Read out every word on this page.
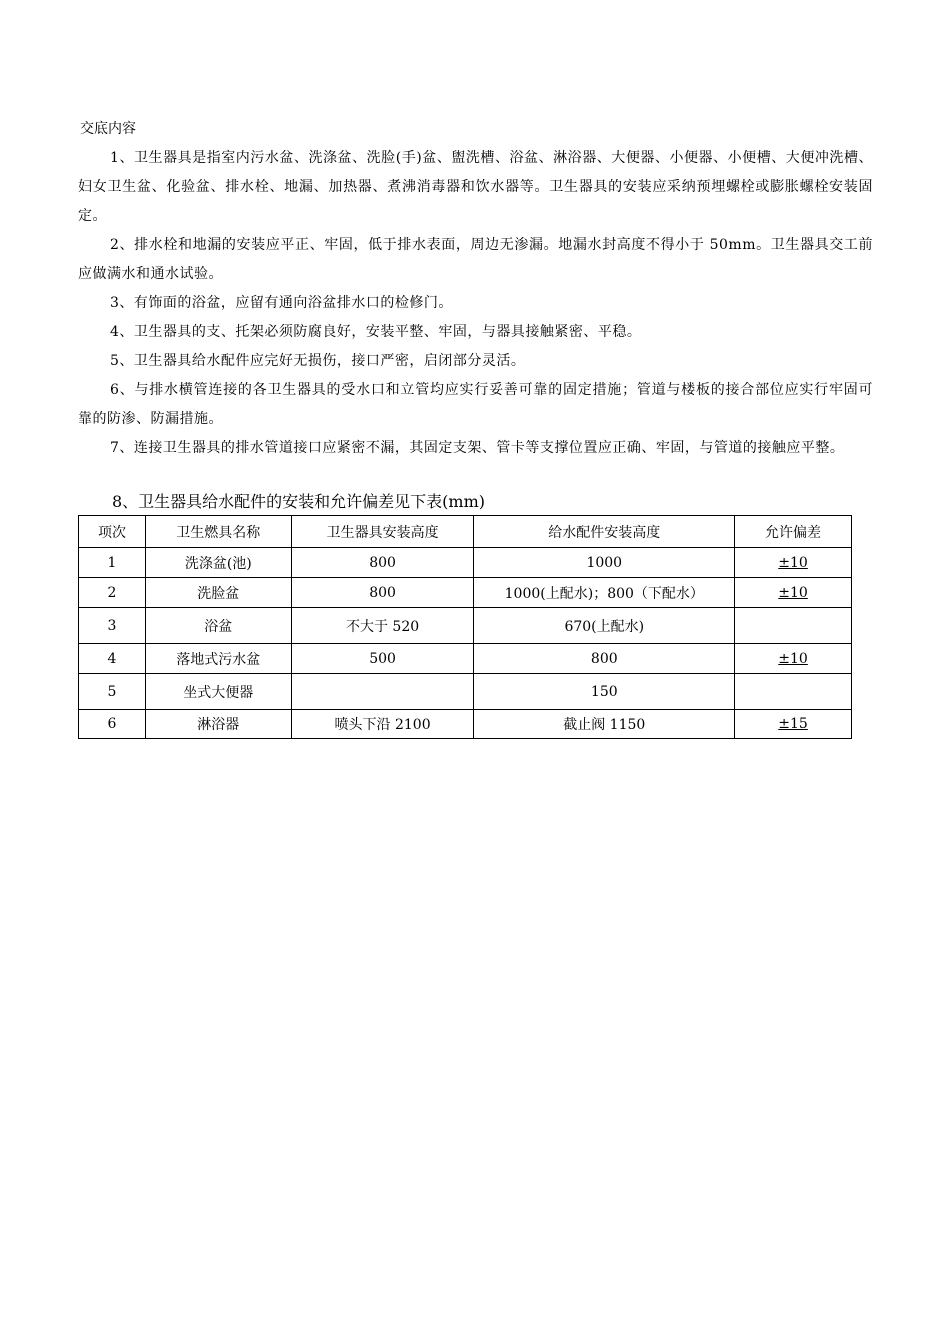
交底内容

1、卫生器具是指室内污水盆、洗涤盆、洗脸(手)盆、盥洗槽、浴盆、淋浴器、大便器、小便器、小便槽、大便冲洗槽、妇女卫生盆、化验盆、排水栓、地漏、加热器、煮沸消毒器和饮水器等。卫生器具的安装应采纳预埋螺栓或膨胀螺栓安装固定。

2、排水栓和地漏的安装应平正、牢固，低于排水表面，周边无渗漏。地漏水封高度不得小于 50mm。卫生器具交工前应做满水和通水试验。

3、有饰面的浴盆，应留有通向浴盆排水口的检修门。

4、卫生器具的支、托架必须防腐良好，安装平整、牢固，与器具接触紧密、平稳。

5、卫生器具给水配件应完好无损伤，接口严密，启闭部分灵活。

6、与排水横管连接的各卫生器具的受水口和立管均应实行妥善可靠的固定措施；管道与楼板的接合部位应实行牢固可靠的防渗、防漏措施。

7、连接卫生器具的排水管道接口应紧密不漏，其固定支架、管卡等支撑位置应正确、牢固，与管道的接触应平整。

8、卫生器具给水配件的安装和允许偏差见下表(mm)
项次	卫生燃具名称	卫生器具安装高度	给水配件安装高度	允许偏差
1	洗涤盆(池)	800	1000	±10
2	洗脸盆	800	1000(上配水)；800（下配水）	±10
3	浴盆	不大于 520	670(上配水)	
4	落地式污水盆	500	800	±10
5	坐式大便器		150	
6	淋浴器	喷头下沿 2100	截止阀 1150	±15
